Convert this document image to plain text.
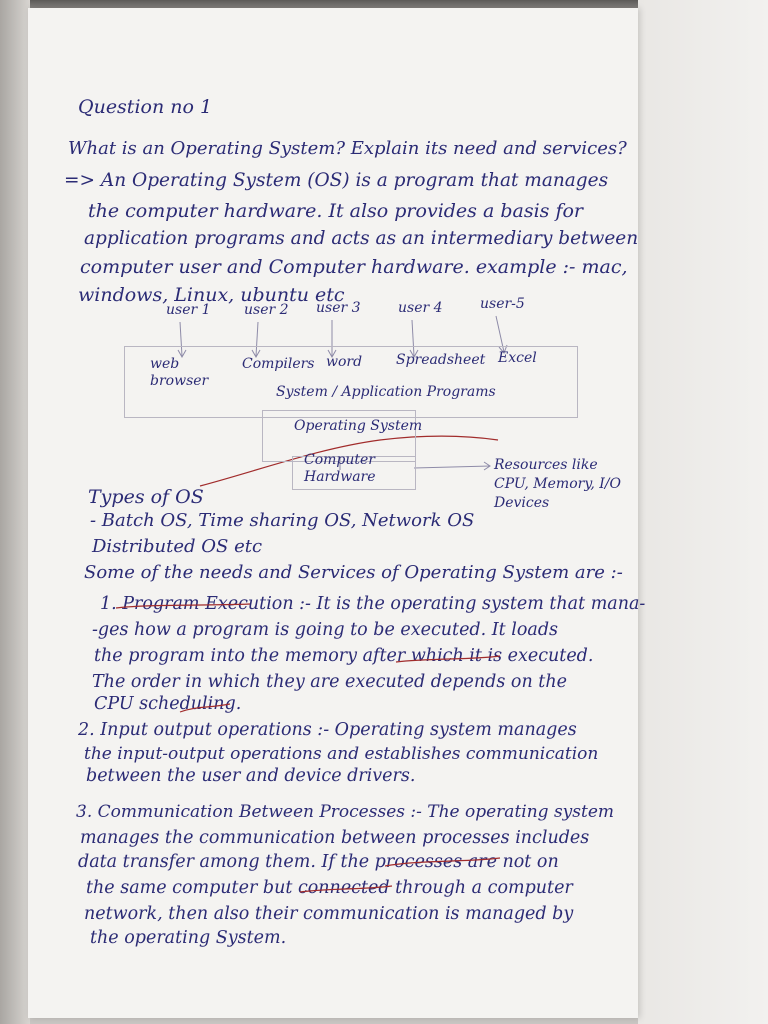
Question no 1
What is an Operating System? Explain its need and services?
=> An Operating System (OS) is a program that manages
the computer hardware. It also provides a basis for
application programs and acts as an intermediary between
computer user and Computer hardware. example :- mac,
windows, Linux, ubuntu etc
user 1 user 2 user 3	user 4	user-5
web browser
Compilers word Spreadsheet Excel
System / Application Programs
Operating System
Computer Hardware
Resources like CPU, Memory, I/O Devices
Types of OS
- Batch OS, Time sharing OS, Network OS
Distributed OS etc
Some of the needs and Services of Operating System are :-
1. Program Execution :- It is the operating system that mana-
-ges how a program is going to be executed. It loads
the program into the memory after which it is executed.
The order in which they are executed depends on the
CPU scheduling.
2. Input output operations :- Operating system manages
the input-output operations and establishes communication
between the user and device drivers.
3. Communication Between Processes :- The operating system
manages the communication between processes includes
data transfer among them. If the processes are not on
the same computer but connected through a computer
network, then also their communication is managed by
the operating System.
